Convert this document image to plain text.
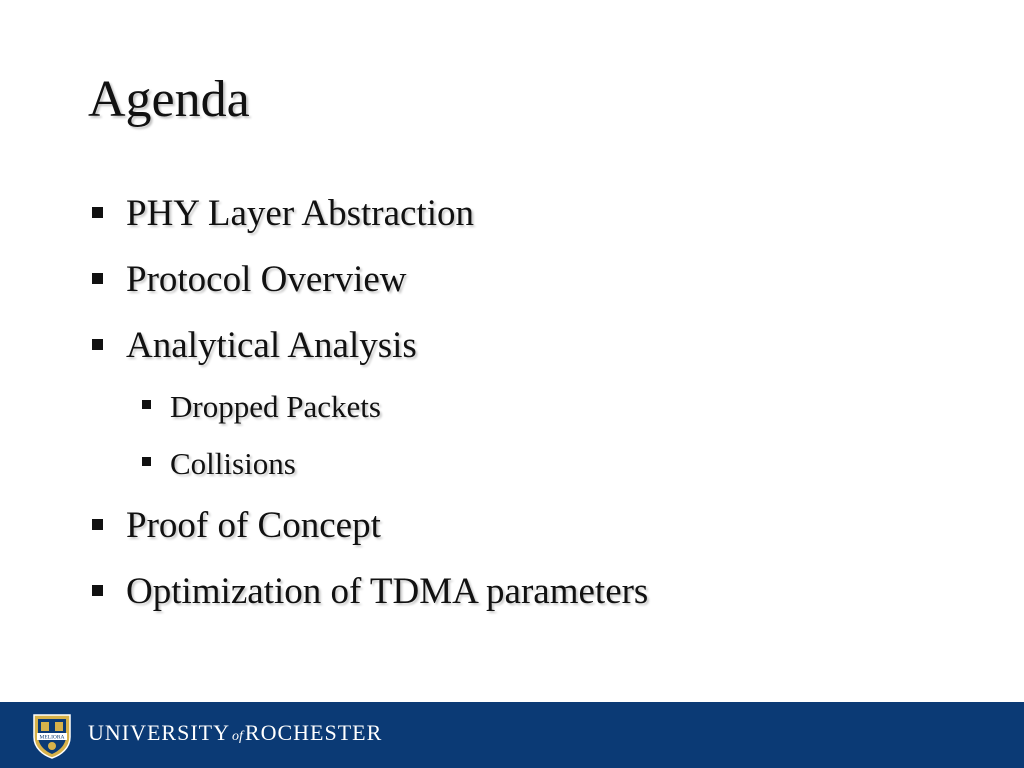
Agenda
PHY Layer Abstraction
Protocol Overview
Analytical Analysis
Dropped Packets
Collisions
Proof of Concept
Optimization of TDMA parameters
MELIORA UNIVERSITY ofROCHESTER
